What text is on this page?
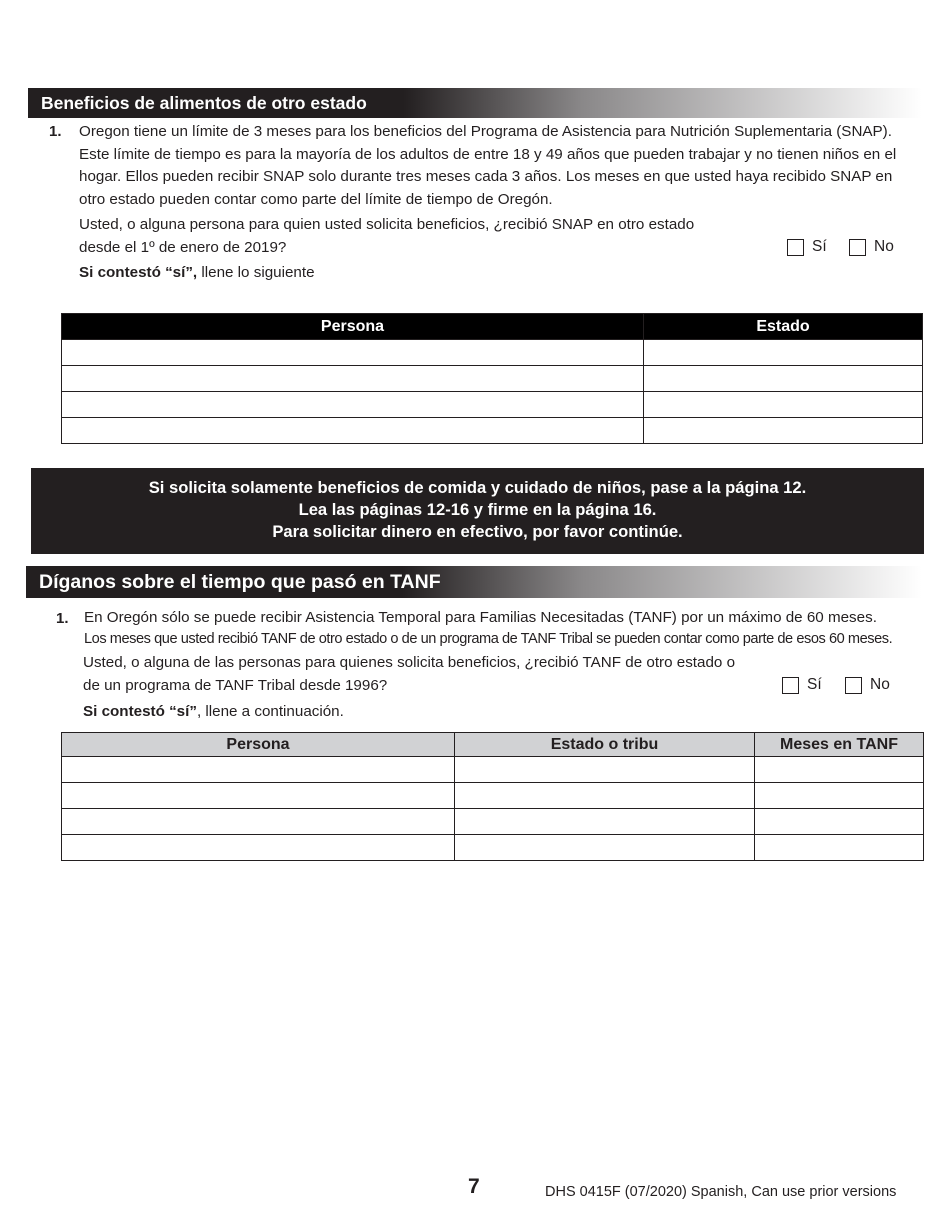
Beneficios de alimentos de otro estado
1. Oregon tiene un límite de 3 meses para los beneficios del Programa de Asistencia para Nutrición Suplementaria (SNAP).
Este límite de tiempo es para la mayoría de los adultos de entre 18 y 49 años que pueden trabajar y no tienen niños en el
hogar. Ellos pueden recibir SNAP solo durante tres meses cada 3 años. Los meses en que usted haya recibido SNAP en
otro estado pueden contar como parte del límite de tiempo de Oregón.
Usted, o alguna persona para quien usted solicita beneficios, ¿recibió SNAP en otro estado
desde el 1º de enero de 2019?	Sí	No
Si contestó “sí”, llene lo siguiente
Persona	Estado

Si solicita solamente beneficios de comida y cuidado de niños, pase a la página 12.
Lea las páginas 12-16 y firme en la página 16.
Para solicitar dinero en efectivo, por favor continúe.
Díganos sobre el tiempo que pasó en TANF
1. En Oregón sólo se puede recibir Asistencia Temporal para Familias Necesitadas (TANF) por un máximo de 60 meses.
Los meses que usted recibió TANF de otro estado o de un programa de TANF Tribal se pueden contar como parte de esos 60 meses.
Usted, o alguna de las personas para quienes solicita beneficios, ¿recibió TANF de otro estado o
de un programa de TANF Tribal desde 1996?	Sí	No
Si contestó “sí”, llene a continuación.
Persona	Estado o tribu	Meses en TANF

7	DHS 0415F (07/2020) Spanish, Can use prior versions
